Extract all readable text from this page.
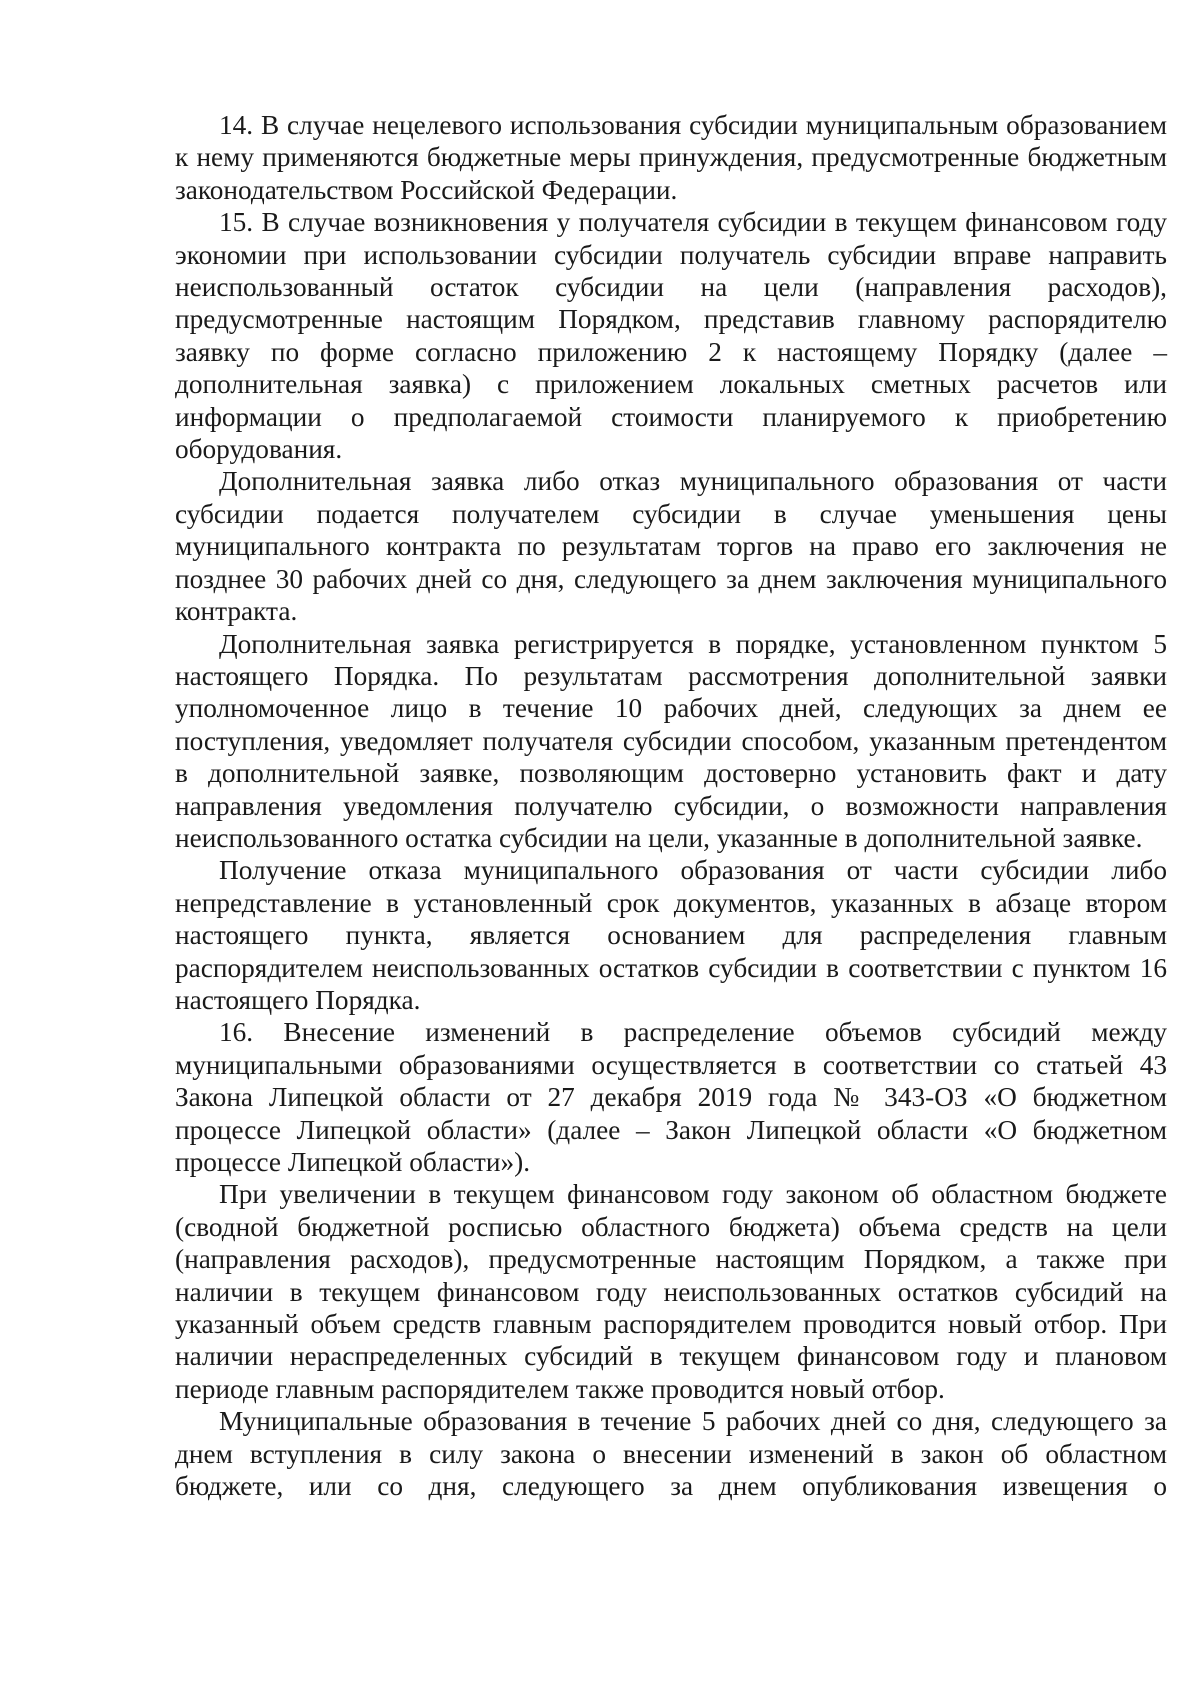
14. В случае нецелевого использования субсидии муниципальным образованием к нему применяются бюджетные меры принуждения, предусмотренные бюджетным законодательством Российской Федерации.

15. В случае возникновения у получателя субсидии в текущем финансовом году экономии при использовании субсидии получатель субсидии вправе направить неиспользованный остаток субсидии на цели (направления расходов), предусмотренные настоящим Порядком, представив главному распорядителю заявку по форме согласно приложению 2 к настоящему Порядку (далее – дополнительная заявка) с приложением локальных сметных расчетов или информации о предполагаемой стоимости планируемого к приобретению оборудования.

Дополнительная заявка либо отказ муниципального образования от части субсидии подается получателем субсидии в случае уменьшения цены муниципального контракта по результатам торгов на право его заключения не позднее 30 рабочих дней со дня, следующего за днем заключения муниципального контракта.

Дополнительная заявка регистрируется в порядке, установленном пунктом 5 настоящего Порядка. По результатам рассмотрения дополнительной заявки уполномоченное лицо в течение 10 рабочих дней, следующих за днем ее поступления, уведомляет получателя субсидии способом, указанным претендентом в дополнительной заявке, позволяющим достоверно установить факт и дату направления уведомления получателю субсидии, о возможности направления неиспользованного остатка субсидии на цели, указанные в дополнительной заявке.

Получение отказа муниципального образования от части субсидии либо непредставление в установленный срок документов, указанных в абзаце втором настоящего пункта, является основанием для распределения главным распорядителем неиспользованных остатков субсидии в соответствии с пунктом 16 настоящего Порядка.

16. Внесение изменений в распределение объемов субсидий между муниципальными образованиями осуществляется в соответствии со статьей 43 Закона Липецкой области от 27 декабря 2019 года № 343-ОЗ «О бюджетном процессе Липецкой области» (далее – Закон Липецкой области «О бюджетном процессе Липецкой области»).

При увеличении в текущем финансовом году законом об областном бюджете (сводной бюджетной росписью областного бюджета) объема средств на цели (направления расходов), предусмотренные настоящим Порядком, а также при наличии в текущем финансовом году неиспользованных остатков субсидий на указанный объем средств главным распорядителем проводится новый отбор. При наличии нераспределенных субсидий в текущем финансовом году и плановом периоде главным распорядителем также проводится новый отбор.

Муниципальные образования в течение 5 рабочих дней со дня, следующего за днем вступления в силу закона о внесении изменений в закон об областном бюджете, или со дня, следующего за днем опубликования извещения о
